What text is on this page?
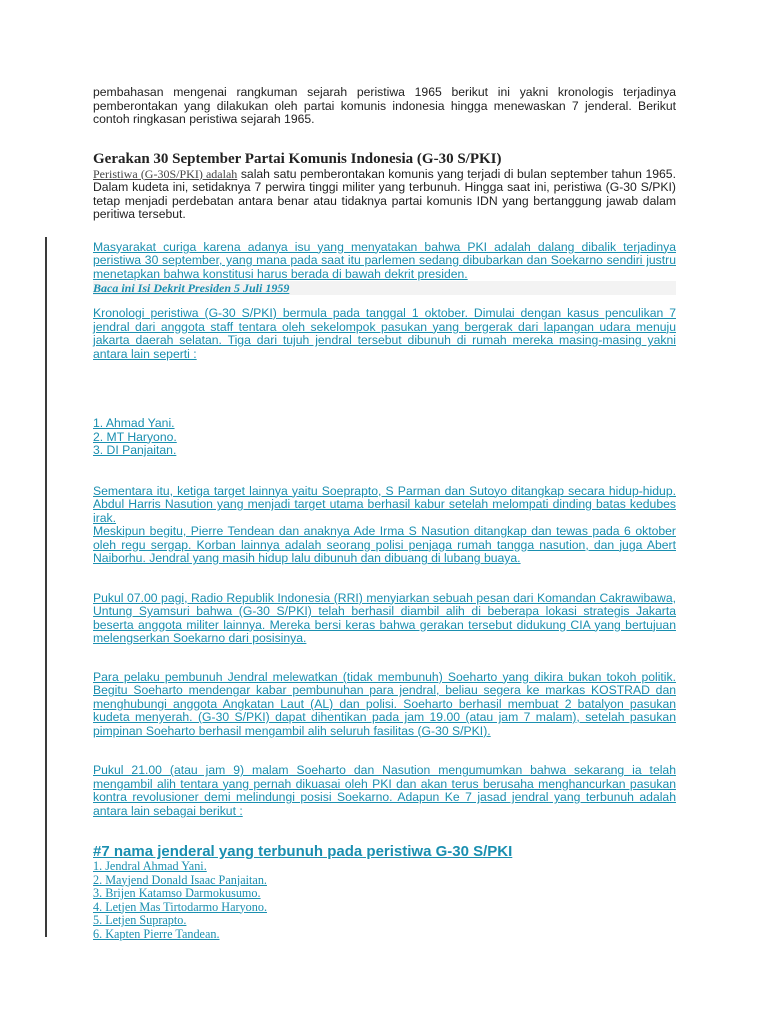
pembahasan mengenai rangkuman sejarah peristiwa 1965 berikut ini yakni kronologis terjadinya pemberontakan yang dilakukan oleh partai komunis indonesia hingga menewaskan 7 jenderal. Berikut contoh ringkasan peristiwa sejarah 1965.

Gerakan 30 September Partai Komunis Indonesia (G-30 S/PKI)

Peristiwa (G-30S/PKI) adalah salah satu pemberontakan komunis yang terjadi di bulan september tahun 1965. Dalam kudeta ini, setidaknya 7 perwira tinggi militer yang terbunuh. Hingga saat ini, peristiwa (G-30 S/PKI) tetap menjadi perdebatan antara benar atau tidaknya partai komunis IDN yang bertanggung jawab dalam peritiwa tersebut.

Masyarakat curiga karena adanya isu yang menyatakan bahwa PKI adalah dalang dibalik terjadinya peristiwa 30 september, yang mana pada saat itu parlemen sedang dibubarkan dan Soekarno sendiri justru menetapkan bahwa konstitusi harus berada di bawah dekrit presiden.

Baca ini Isi Dekrit Presiden 5 Juli 1959

Kronologi peristiwa (G-30 S/PKI) bermula pada tanggal 1 oktober. Dimulai dengan kasus penculikan 7 jendral dari anggota staff tentara oleh sekelompok pasukan yang bergerak dari lapangan udara menuju jakarta daerah selatan. Tiga dari tujuh jendral tersebut dibunuh di rumah mereka masing-masing yakni antara lain seperti :

1. Ahmad Yani.
2. MT Haryono.
3. DI Panjaitan.

Sementara itu, ketiga target lainnya yaitu Soeprapto, S Parman dan Sutoyo ditangkap secara hidup-hidup. Abdul Harris Nasution yang menjadi target utama berhasil kabur setelah melompati dinding batas kedubes irak.

Meskipun begitu, Pierre Tendean dan anaknya Ade Irma S Nasution ditangkap dan tewas pada 6 oktober oleh regu sergap. Korban lainnya adalah seorang polisi penjaga rumah tangga nasution, dan juga Abert Naiborhu. Jendral yang masih hidup lalu dibunuh dan dibuang di lubang buaya.

Pukul 07.00 pagi, Radio Republik Indonesia (RRI) menyiarkan sebuah pesan dari Komandan Cakrawibawa, Untung Syamsuri bahwa (G-30 S/PKI) telah berhasil diambil alih di beberapa lokasi strategis Jakarta beserta anggota militer lainnya. Mereka bersi keras bahwa gerakan tersebut didukung CIA yang bertujuan melengserkan Soekarno dari posisinya.

Para pelaku pembunuh Jendral melewatkan (tidak membunuh) Soeharto yang dikira bukan tokoh politik. Begitu Soeharto mendengar kabar pembunuhan para jendral, beliau segera ke markas KOSTRAD dan menghubungi anggota Angkatan Laut (AL) dan polisi. Soeharto berhasil membuat 2 batalyon pasukan kudeta menyerah. (G-30 S/PKI) dapat dihentikan pada jam 19.00 (atau jam 7 malam), setelah pasukan pimpinan Soeharto berhasil mengambil alih seluruh fasilitas (G-30 S/PKI).

Pukul 21.00 (atau jam 9) malam Soeharto dan Nasution mengumumkan bahwa sekarang ia telah mengambil alih tentara yang pernah dikuasai oleh PKI dan akan terus berusaha menghancurkan pasukan kontra revolusioner demi melindungi posisi Soekarno. Adapun Ke 7 jasad jendral yang terbunuh adalah antara lain sebagai berikut :

#7 nama jenderal yang terbunuh pada peristiwa G-30 S/PKI
1. Jendral Ahmad Yani.
2. Mayjend Donald Isaac Panjaitan.
3. Brijen Katamso Darmokusumo.
4. Letjen Mas Tirtodarmo Haryono.
5. Letjen Suprapto.
6. Kapten Pierre Tandean.
